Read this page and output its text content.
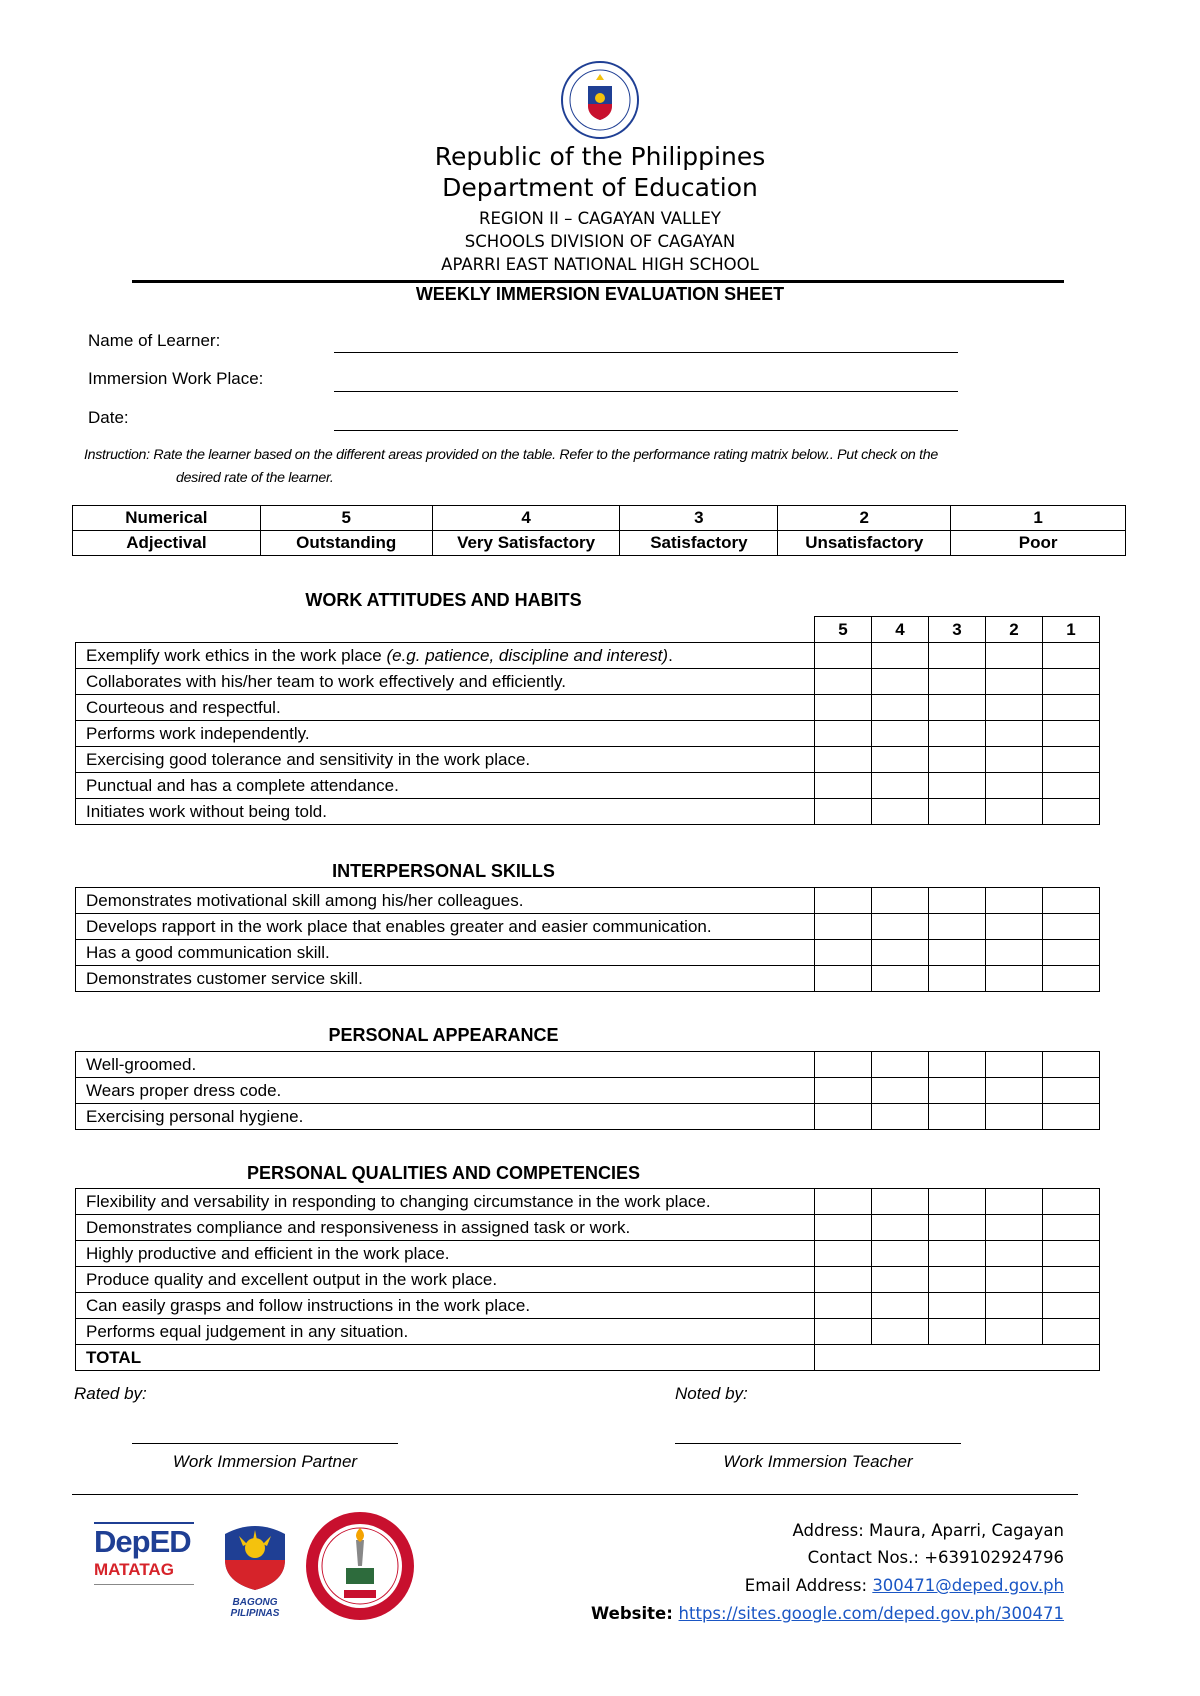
Republic of the Philippines
Department of Education
REGION II – CAGAYAN VALLEY
SCHOOLS DIVISION OF CAGAYAN
APARRI EAST NATIONAL HIGH SCHOOL
WEEKLY IMMERSION EVALUATION SHEET
Name of Learner:
Immersion Work Place:
Date:
Instruction: Rate the learner based on the different areas provided on the table. Refer to the performance rating matrix below.. Put check on the
desired rate of the learner.
Numerical	5	4	3	2	1
Adjectival	Outstanding	Very Satisfactory	Satisfactory	Unsatisfactory	Poor
WORK ATTITUDES AND HABITS
	5	4	3	2	1
Exemplify work ethics in the work place (e.g. patience, discipline and interest).					
Collaborates with his/her team to work effectively and efficiently.					
Courteous and respectful.					
Performs work independently.					
Exercising good tolerance and sensitivity in the work place.					
Punctual and has a complete attendance.					
Initiates work without being told.					
INTERPERSONAL SKILLS
Demonstrates motivational skill among his/her colleagues.					
Develops rapport in the work place that enables greater and easier communication.					
Has a good communication skill.					
Demonstrates customer service skill.					
PERSONAL APPEARANCE
Well-groomed.					
Wears proper dress code.					
Exercising personal hygiene.					
PERSONAL QUALITIES AND COMPETENCIES
Flexibility and versability in responding to changing circumstance in the work place.					
Demonstrates compliance and responsiveness in assigned task or work.					
Highly productive and efficient in the work place.					
Produce quality and excellent output in the work place.					
Can easily grasps and follow instructions in the work place.					
Performs equal judgement in any situation.					
TOTAL					
Rated by:	Noted by:
Work Immersion Partner	Work Immersion Teacher
DepED
MATATAG
BAGONG PILIPINAS
Address: Maura, Aparri, Cagayan
Contact Nos.: +639102924796
Email Address: 300471@deped.gov.ph
Website: https://sites.google.com/deped.gov.ph/300471
